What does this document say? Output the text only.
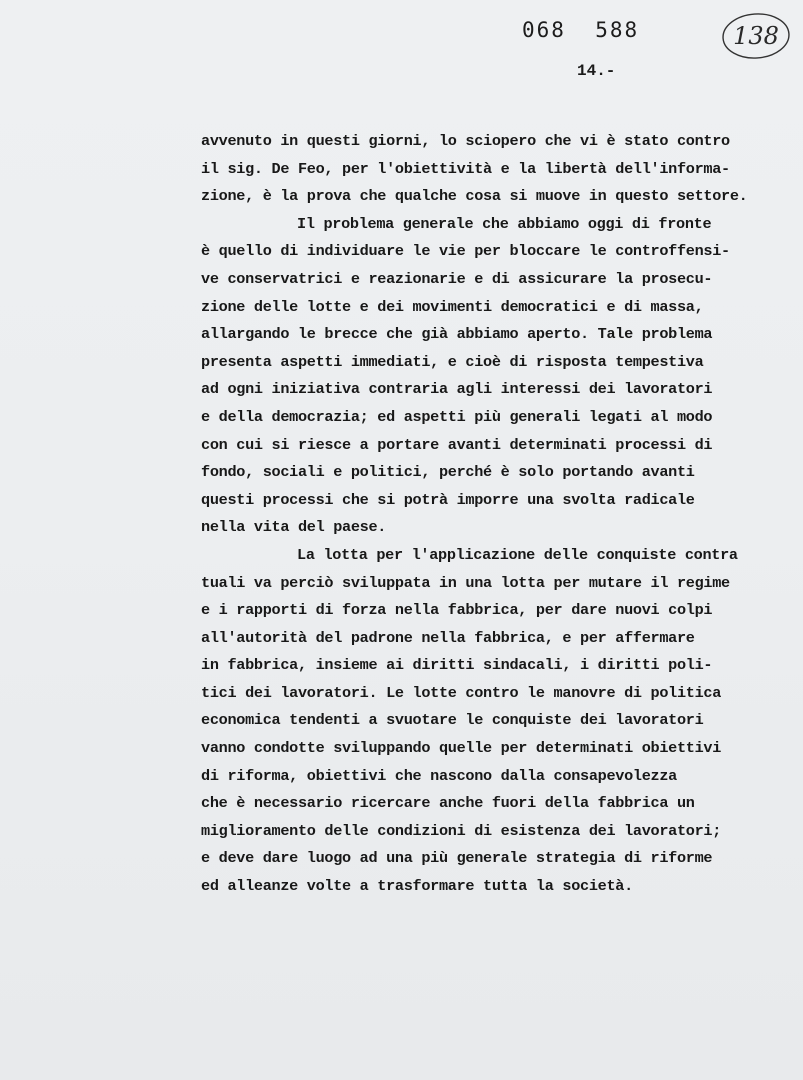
068  588	138
14.-
avvenuto in questi giorni, lo sciopero che vi è stato contro
il sig. De Feo, per l'obiettività e la libertà dell'informa-
zione, è la prova che qualche cosa si muove in questo settore.
Il problema generale che abbiamo oggi di fronte
è quello di individuare le vie per bloccare le controffensi-
ve conservatrici e reazionarie e di assicurare la prosecu-
zione delle lotte e dei movimenti democratici e di massa,
allargando le brecce che già abbiamo aperto. Tale problema
presenta aspetti immediati, e cioè di risposta tempestiva
ad ogni iniziativa contraria agli interessi dei lavoratori
e della democrazia; ed aspetti più generali legati al modo
con cui si riesce a portare avanti determinati processi di
fondo, sociali e politici, perché è solo portando avanti
questi processi che si potrà imporre una svolta radicale
nella vita del paese.
La lotta per l'applicazione delle conquiste contra
tuali va perciò sviluppata in una lotta per mutare il regime
e i rapporti di forza nella fabbrica, per dare nuovi colpi
all'autorità del padrone nella fabbrica, e per affermare
in fabbrica, insieme ai diritti sindacali, i diritti poli-
tici dei lavoratori. Le lotte contro le manovre di politica
economica tendenti a svuotare le conquiste dei lavoratori
vanno condotte sviluppando quelle per determinati obiettivi
di riforma, obiettivi che nascono dalla consapevolezza
che è necessario ricercare anche fuori della fabbrica un
miglioramento delle condizioni di esistenza dei lavoratori;
e deve dare luogo ad una più generale strategia di riforme
ed alleanze volte a trasformare tutta la società.
